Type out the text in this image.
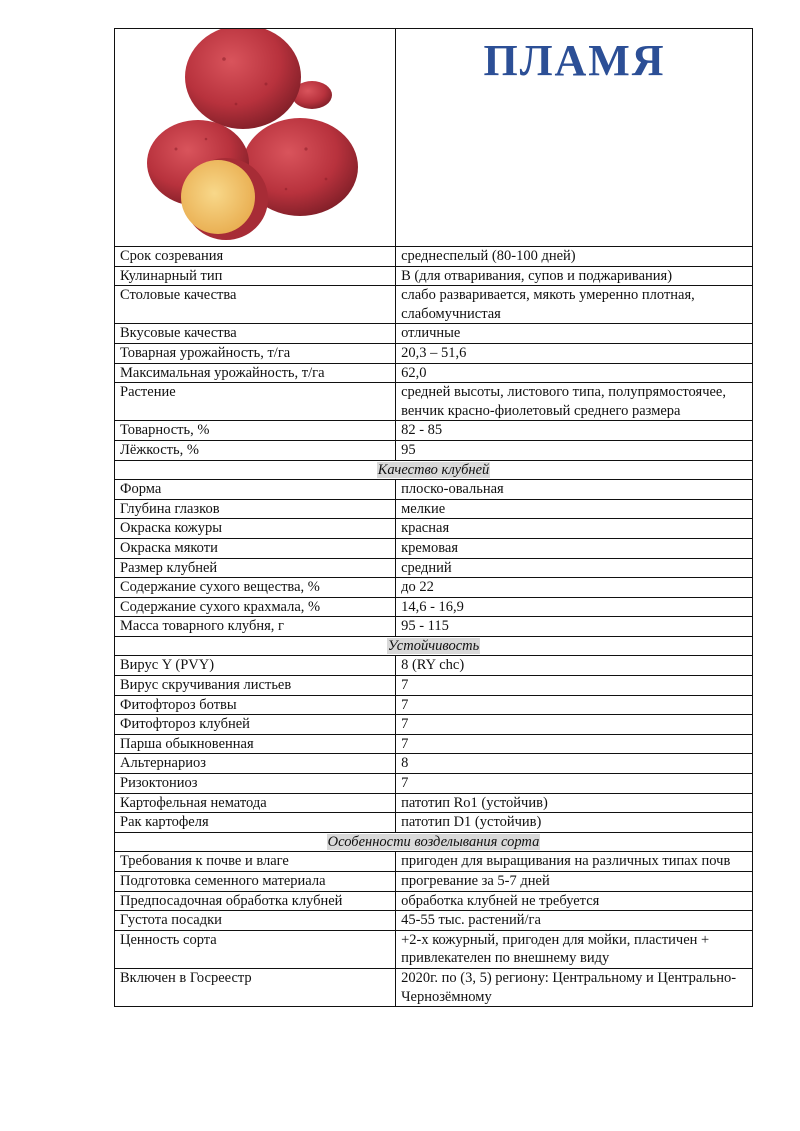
ПЛАМЯ

Срок созревания	среднеспелый (80-100 дней)
Кулинарный тип	В (для отваривания, супов и поджаривания)
Столовые качества	слабо разваривается, мякоть умеренно плотная, слабомучнистая
Вкусовые качества	отличные
Товарная урожайность, т/га	20,3 – 51,6
Максимальная урожайность, т/га	62,0
Растение	средней высоты, листового типа, полупрямостоячее, венчик красно-фиолетовый среднего размера
Товарность, %	82 - 85
Лёжкость, %	95
Качество клубней	
Форма	плоско-овальная
Глубина глазков	мелкие
Окраска кожуры	красная
Окраска мякоти	кремовая
Размер клубней	средний
Содержание сухого вещества, %	до 22
Содержание сухого крахмала, %	14,6 - 16,9
Масса товарного клубня, г	95 - 115
Устойчивость	
Вирус Y (PVY)	8 (RY chc)
Вирус скручивания листьев	7
Фитофтороз ботвы	7
Фитофтороз клубней	7
Парша обыкновенная	7
Альтернариоз	8
Ризоктониоз	7
Картофельная нематода	патотип Ro1 (устойчив)
Рак картофеля	патотип D1 (устойчив)
Особенности возделывания сорта	
Требования к почве и влаге	пригоден для выращивания на различных типах почв
Подготовка семенного материала	прогревание за 5-7 дней
Предпосадочная обработка клубней	обработка клубней не требуется
Густота посадки	45-55 тыс. растений/га
Ценность сорта	+2-х кожурный, пригоден для мойки, пластичен + привлекателен по внешнему виду
Включен в Госреестр	2020г. по (3, 5) региону: Центральному и Центрально-Чернозёмному
